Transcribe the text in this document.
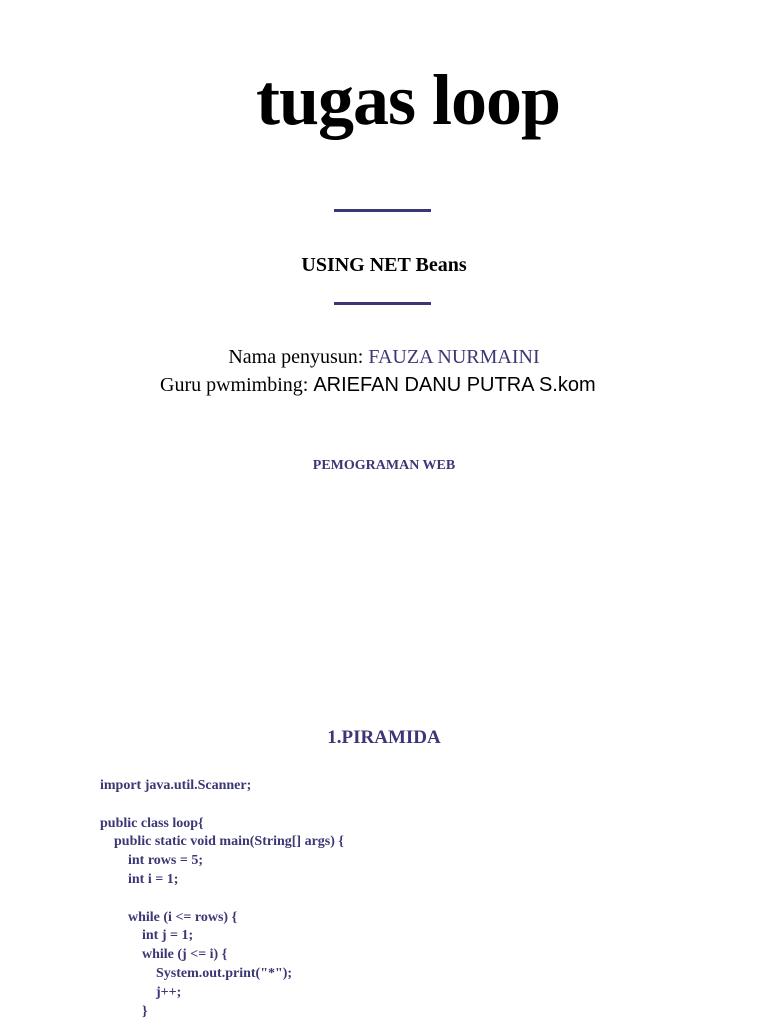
tugas loop
USING NET Beans
Nama penyusun: FAUZA NURMAINI
Guru pwmimbing: ARIEFAN DANU PUTRA S.kom
PEMOGRAMAN WEB
1.PIRAMIDA
import java.util.Scanner;
public class loop{
public static void main(String[] args) {
int rows = 5;
int i = 1;
while (i <= rows) {
int j = 1;
while (j <= i) {
System.out.print("*");
j++;
}
